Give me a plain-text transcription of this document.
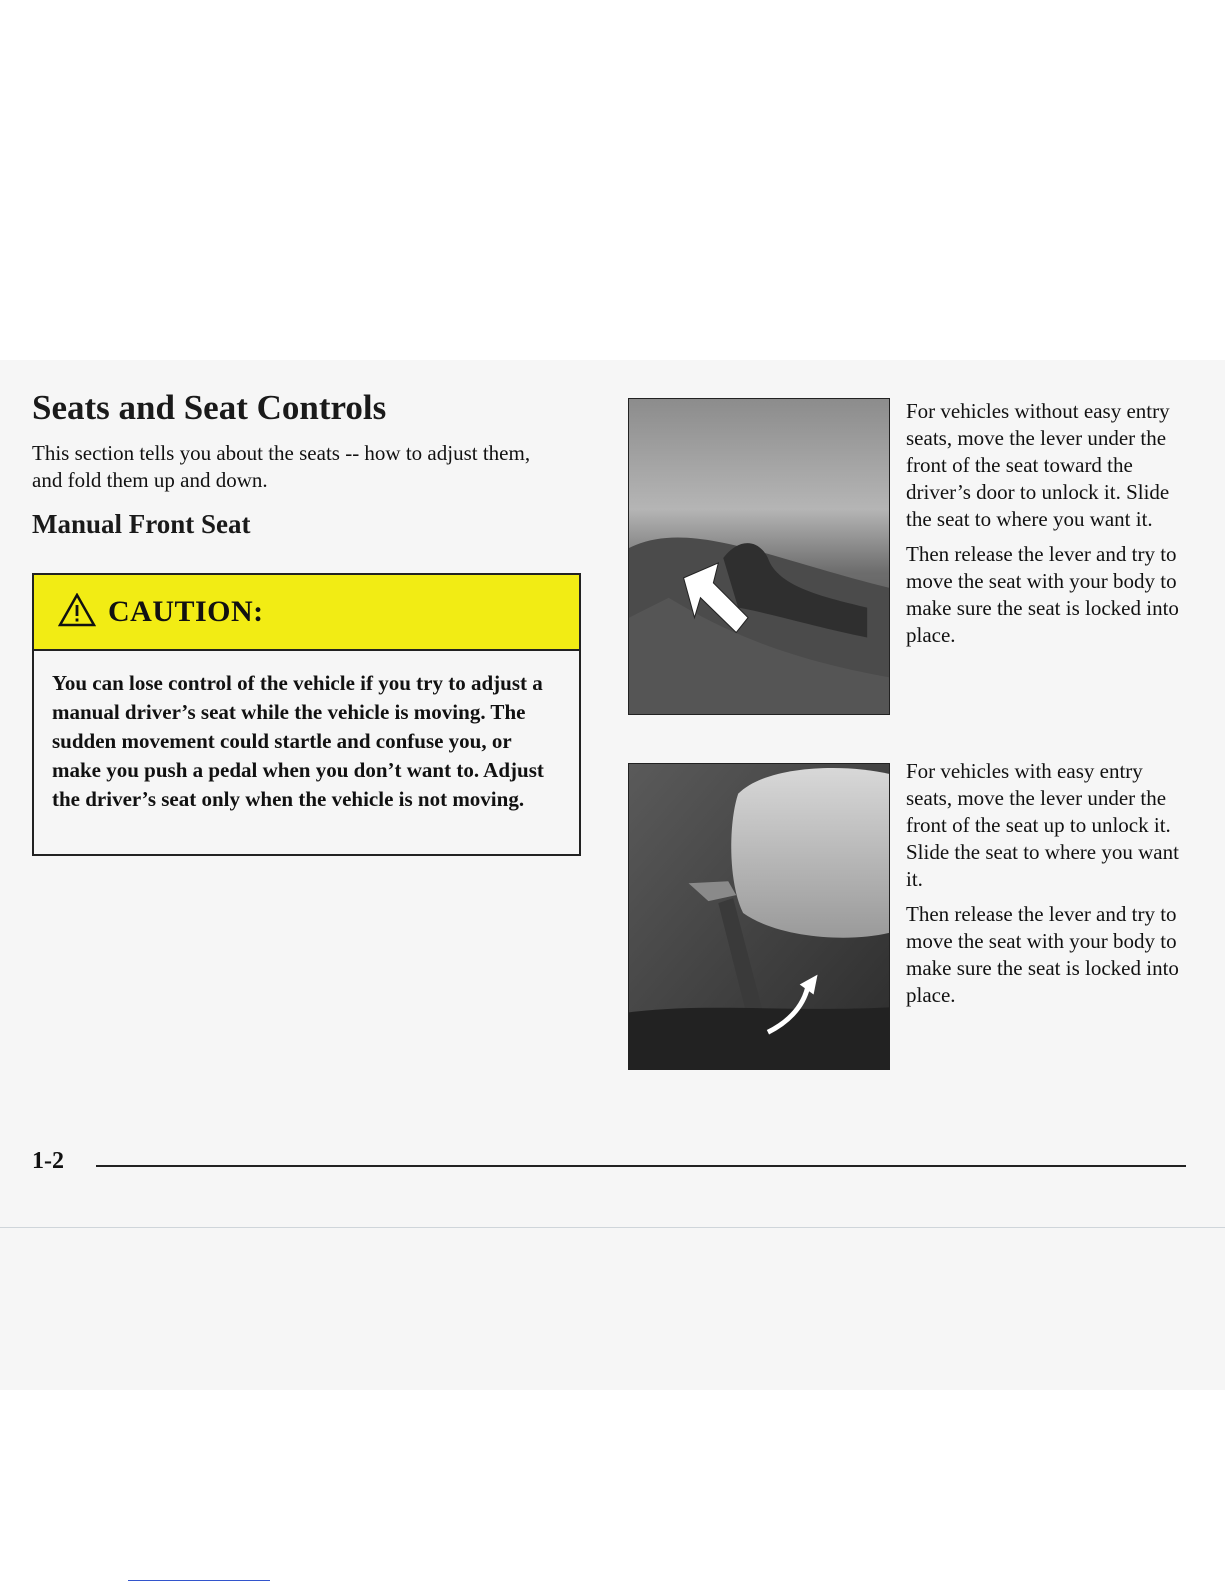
Seats and Seat Controls

This section tells you about the seats -- how to adjust them, and fold them up and down.

Manual Front Seat
CAUTION:
You can lose control of the vehicle if you try to adjust a manual driver’s seat while the vehicle is moving. The sudden movement could startle and confuse you, or make you push a pedal when you don’t want to. Adjust the driver’s seat only when the vehicle is not moving.

For vehicles without easy entry seats, move the lever under the front of the seat toward the driver’s door to unlock it. Slide the seat to where you want it.

Then release the lever and try to move the seat with your body to make sure the seat is locked into place.

For vehicles with easy entry seats, move the lever under the front of the seat up to unlock it. Slide the seat to where you want it.

Then release the lever and try to move the seat with your body to make sure the seat is locked into place.

1-2
